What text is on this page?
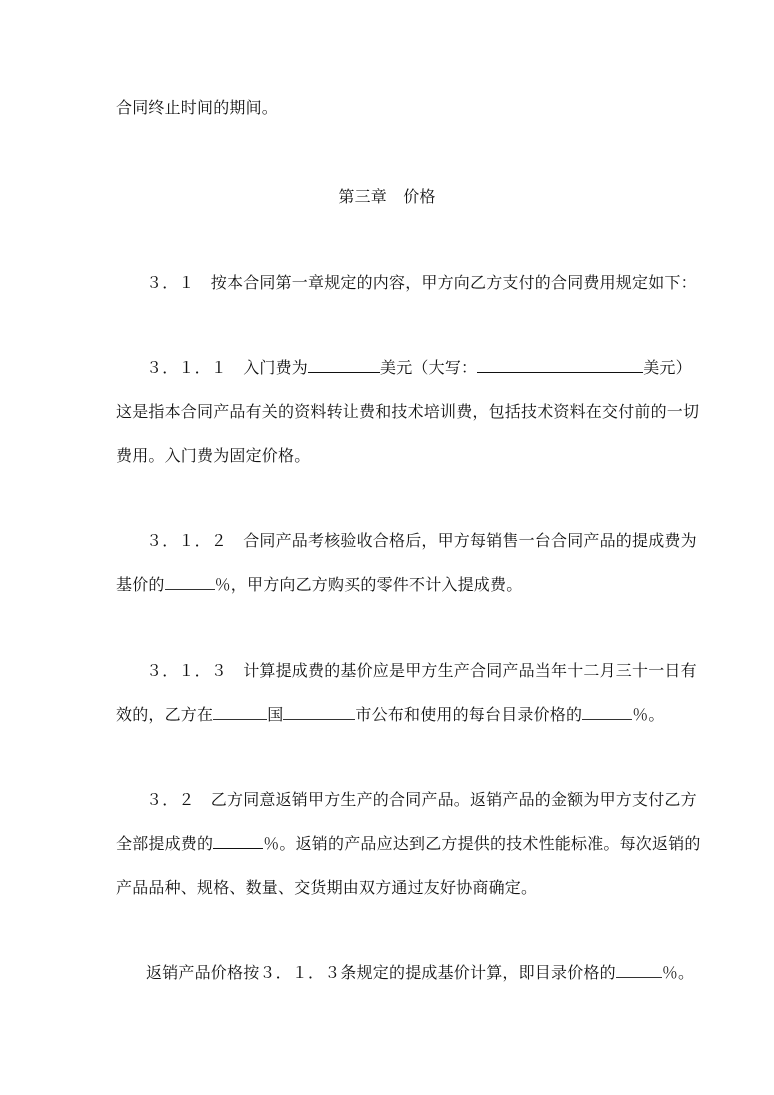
合同终止时间的期间。
第三章　价格
３．１　按本合同第一章规定的内容，甲方向乙方支付的合同费用规定如下：
３．１．１　入门费为	美元（大写：	美元）
这是指本合同产品有关的资料转让费和技术培训费，包括技术资料在交付前的一切
费用。入门费为固定价格。
３．１．２　合同产品考核验收合格后，甲方每销售一台合同产品的提成费为
基价的	％，甲方向乙方购买的零件不计入提成费。
３．１．３　计算提成费的基价应是甲方生产合同产品当年十二月三十一日有
效的，乙方在	国	市公布和使用的每台目录价格的	％。
３．２　乙方同意返销甲方生产的合同产品。返销产品的金额为甲方支付乙方
全部提成费的	％。返销的产品应达到乙方提供的技术性能标准。每次返销的
产品品种、规格、数量、交货期由双方通过友好协商确定。
返销产品价格按３．１．３条规定的提成基价计算，即目录价格的	％。
